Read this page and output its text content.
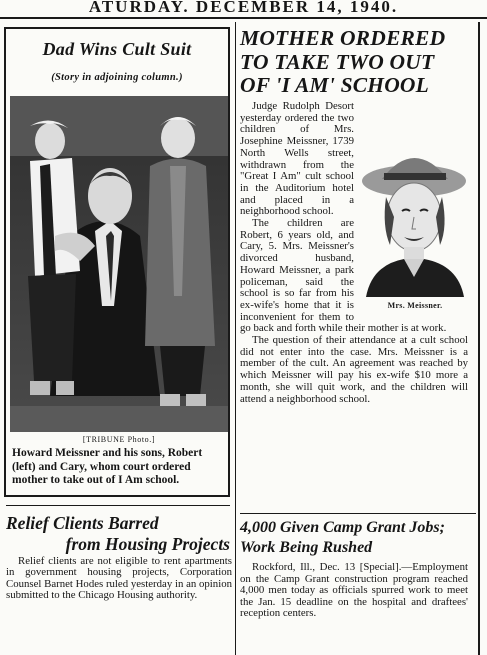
ATURDAY. DECEMBER 14, 1940.
Dad Wins Cult Suit
(Story in adjoining column.)
[TRIBUNE Photo.]
Howard Meissner and his sons, Robert (left) and Cary, whom court ordered mother to take out of I Am school.
Relief Clients Barred
from Housing Projects
Relief clients are not eligible to rent apartments in government housing projects, Corporation Counsel Barnet Hodes ruled yesterday in an opinion submitted to the Chicago Housing authority.
MOTHER ORDERED
TO TAKE TWO OUT
OF 'I AM' SCHOOL
Mrs. Meissner.

Judge Rudolph Desort yesterday ordered the two children of Mrs. Josephine Meissner, 1739 North Wells street, withdrawn from the "Great I Am" cult school in the Auditorium hotel and placed in a neighborhood school.

The children are Robert, 6 years old, and Cary, 5. Mrs. Meissner's divorced husband, Howard Meissner, a park policeman, said the school is so far from his ex-wife's home that it is inconvenient for them to go back and forth while their mother is at work.

The question of their attendance at a cult school did not enter into the case. Mrs. Meissner is a member of the cult. An agreement was reached by which Meissner will pay his ex-wife $10 more a month, she will quit work, and the children will attend a neighborhood school.

4,000 Given Camp Grant Jobs; Work Being Rushed
Rockford, Ill., Dec. 13 [Special].—Employment on the Camp Grant construction program reached 4,000 men today as officials spurred work to meet the Jan. 15 deadline on the hospital and draftees' reception centers.
